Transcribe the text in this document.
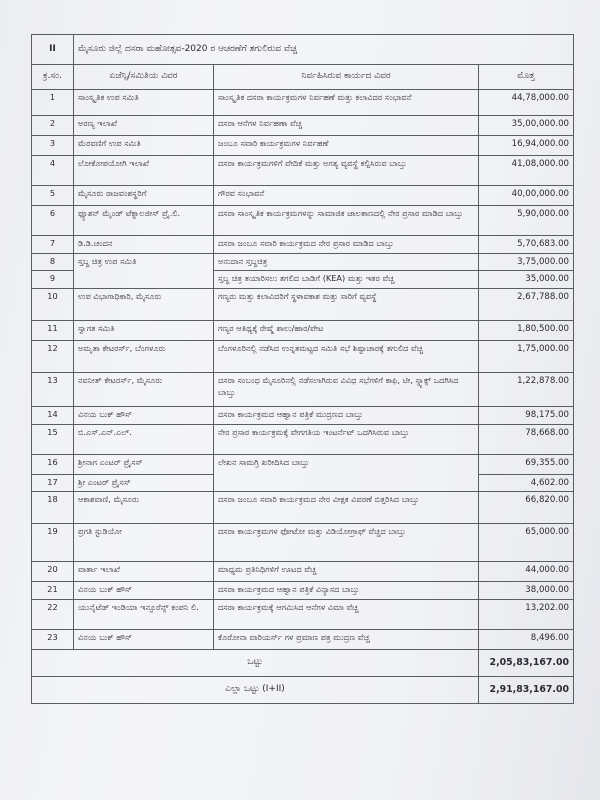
II	ಮೈಸೂರು ಜಿಲ್ಲೆ ದಸರಾ ಮಹೋತ್ಸವ-2020 ರ ಆಚರಣೆಗೆ ತಗುಲಿರುವ ವೆಚ್ಚ		
ಕ್ರ.ಸಂ.	ಏಜೆನ್ಸಿ/ಸಮಿತಿಯ ವಿವರ	ನಿರ್ವಹಿಸಿರುವ ಕಾರ್ಯದ ವಿವರ	ಮೊತ್ತ
1	ಸಾಂಸ್ಕೃತಿಕ ಉಪ ಸಮಿತಿ	ಸಾಂಸ್ಕೃತಿಕ ದಸರಾ ಕಾರ್ಯಕ್ರಮಗಳ ನಿರ್ವಹಣೆ ಮತ್ತು ಕಲಾವಿದರ ಸಂಭಾವನೆ	44,78,000.00
2	ಅರಣ್ಯ ಇಲಾಖೆ	ದಸರಾ ಆನೆಗಳ ನಿರ್ವಹಣಾ ವೆಚ್ಚ	35,00,000.00
3	ಮೆರವಣಿಗೆ ಉಪ ಸಮಿತಿ	ಜಂಬೂ ಸವಾರಿ ಕಾರ್ಯಕ್ರಮಗಳ ನಿರ್ವಹಣೆ	16,94,000.00
4	ಲೋಕೋಪಯೋಗಿ ಇಲಾಖೆ	ದಸರಾ ಕಾರ್ಯಕ್ರಮಗಳಿಗೆ ವೇದಿಕೆ ಮತ್ತು ಅಗತ್ಯ ವ್ಯವಸ್ಥೆ ಕಲ್ಪಿಸಿರುವ ಬಾಬ್ತು	41,08,000.00
5	ಮೈಸೂರು ರಾಜವಂಶಸ್ಥರಿಗೆ	ಗೌರವ ಸಂಭಾವನೆ	40,00,000.00
6	ಫ್ಯೂಶನ್ ಮೈಂಡ್ ಟೆಕ್ನಾಲಜೀಸ್ ಪ್ರೈ.ಲಿ.	ದಸರಾ ಸಾಂಸ್ಕೃತಿಕ ಕಾರ್ಯಕ್ರಮಗಳನ್ನು ಸಾಮಾಜಿಕ ಜಾಲತಾಣದಲ್ಲಿ ನೇರ ಪ್ರಸಾರ ಮಾಡಿದ ಬಾಬ್ತು	5,90,000.00
7	ಡಿ.ಡಿ.ಚಂದನ	ದಸರಾ ಜಂಬೂ ಸವಾರಿ ಕಾರ್ಯಕ್ರಮದ ನೇರ ಪ್ರಸಾರ ಮಾಡಿದ ಬಾಬ್ತು	5,70,683.00
8	ಸ್ತಬ್ಧ ಚಿತ್ರ ಉಪ ಸಮಿತಿ	ಅನುದಾನ ಸ್ತಬ್ಧಚಿತ್ರ	3,75,000.00
9		ಸ್ತಬ್ಧ ಚಿತ್ರ ತಯಾರಿಸಲು ತಗಲಿದ ಬಾಡಿಗೆ (KEA) ಮತ್ತು ಇತರ ವೆಚ್ಚ	35,000.00
10	ಉಪ ವಿಭಾಗಾಧಿಕಾರಿ, ಮೈಸೂರು	ಗಣ್ಯರು ಮತ್ತು ಕಲಾವಿದರಿಗೆ ಸ್ಥಳಾವಕಾಶ ಮತ್ತು ಸಾರಿಗೆ ವ್ಯವಸ್ಥೆ	2,67,788.00
11	ಸ್ವಾಗತ ಸಮಿತಿ	ಗಣ್ಯರ ಆತಿಥ್ಯಕ್ಕೆ ರೇಷ್ಮೆ ಶಾಲು/ಹಾರ/ಪೇಟ	1,80,500.00
12	ಅಮೃತಾ ಕೇಟರರ್ಸ್, ಬೆಂಗಳೂರು	ಬೆಂಗಳೂರಿನಲ್ಲಿ ನಡೆಸಿದ ಉನ್ನತಮಟ್ಟದ ಸಮಿತಿ ಸಭೆ ಶಿಷ್ಟಾಚಾರಕ್ಕೆ ತಗುಲಿದ ವೆಚ್ಚ	1,75,000.00
13	ನವನೀತ್ ಕೇಟರರ್ಸ್, ಮೈಸೂರು	ದಸರಾ ಸಂಬಂಧ ಮೈಸೂರಿನಲ್ಲಿ ನಡೆಸಲಾಗಿರುವ ವಿವಿಧ ಸಭೆಗಳಿಗೆ ಕಾಫಿ, ಟೀ, ಸ್ನ್ಯಾಕ್ಸ್ ಒದಗಿಸಿದ ಬಾಬ್ತು	1,22,878.00
14	ವಿನಯ ಬುಕ್ ಹೌಸ್	ದಸರಾ ಕಾರ್ಯಕ್ರಮದ ಆಹ್ವಾನ ಪತ್ರಿಕೆ ಮುದ್ರಣದ ಬಾಬ್ತು	98,175.00
15	ಬಿ.ಎಸ್.ಎನ್.ಎಲ್.	ನೇರ ಪ್ರಸಾರ ಕಾರ್ಯಕ್ರಮಕ್ಕೆ ವೇಗಗತಿಯ ಇಂಟರ್ನೆಟ್ ಒದಗಿಸಿರುವ ಬಾಬ್ತು	78,668.00
16	ಶ್ರೀನಾಗ ಎಂಟರ್ ಪ್ರೈಸಸ್	ಲೇಖನ ಸಾಮಗ್ರಿ ಖರೀದಿಸಿದ ಬಾಬ್ತು	69,355.00
17	ಶ್ರೀ ಎಂಟರ್ ಪ್ರೈಸಸ್		4,602.00
18	ಆಕಾಶವಾಣಿ, ಮೈಸೂರು	ದಸರಾ ಜಂಬೂ ಸವಾರಿ ಕಾರ್ಯಕ್ರಮದ ನೇರ ವೀಕ್ಷಕ ವಿವರಣೆ ಬಿತ್ತರಿಸಿದ ಬಾಬ್ತು	66,820.00
19	ಪ್ರಗತಿ ಸ್ಟುಡಿಯೋ	ದಸರಾ ಕಾರ್ಯಕ್ರಮಗಳ ಫೋಟೋ ಮತ್ತು ವಿಡಿಯೋಗ್ರಾಫ್ ವೆಚ್ಚದ ಬಾಬ್ತು	65,000.00
20	ವಾರ್ತಾ ಇಲಾಖೆ	ಮಾಧ್ಯಮ ಪ್ರತಿನಿಧಿಗಳಿಗೆ ಊಟದ ವೆಚ್ಚ	44,000.00
21	ವಿನಯ ಬುಕ್ ಹೌಸ್	ದಸರಾ ಕಾರ್ಯಕ್ರಮದ ಆಹ್ವಾನ ಪತ್ರಿಕೆ ವಿನ್ಯಾಸದ ಬಾಬ್ತು	38,000.00
22	ಯುನೈಟೆಡ್ ಇಂಡಿಯಾ ಇನ್ಸೂರೆನ್ಸ್ ಕಂಪನಿ ಲಿ.	ದಸರಾ ಕಾರ್ಯಕ್ರಮಕ್ಕೆ ಆಗಮಿಸಿದ ಆನೆಗಳ ವಿಮಾ ವೆಚ್ಚ	13,202.00
23	ವಿನಯ ಬುಕ್ ಹೌಸ್	ಕೊರೋನಾ ವಾರಿಯರ್ಸ್ ಗಳ ಪ್ರಮಾಣ ಪತ್ರ ಮುದ್ರಣ ವೆಚ್ಚ	8,496.00
ಒಟ್ಟು			2,05,83,167.00
ಎಲ್ಲಾ ಒಟ್ಟು (I+II)			2,91,83,167.00
